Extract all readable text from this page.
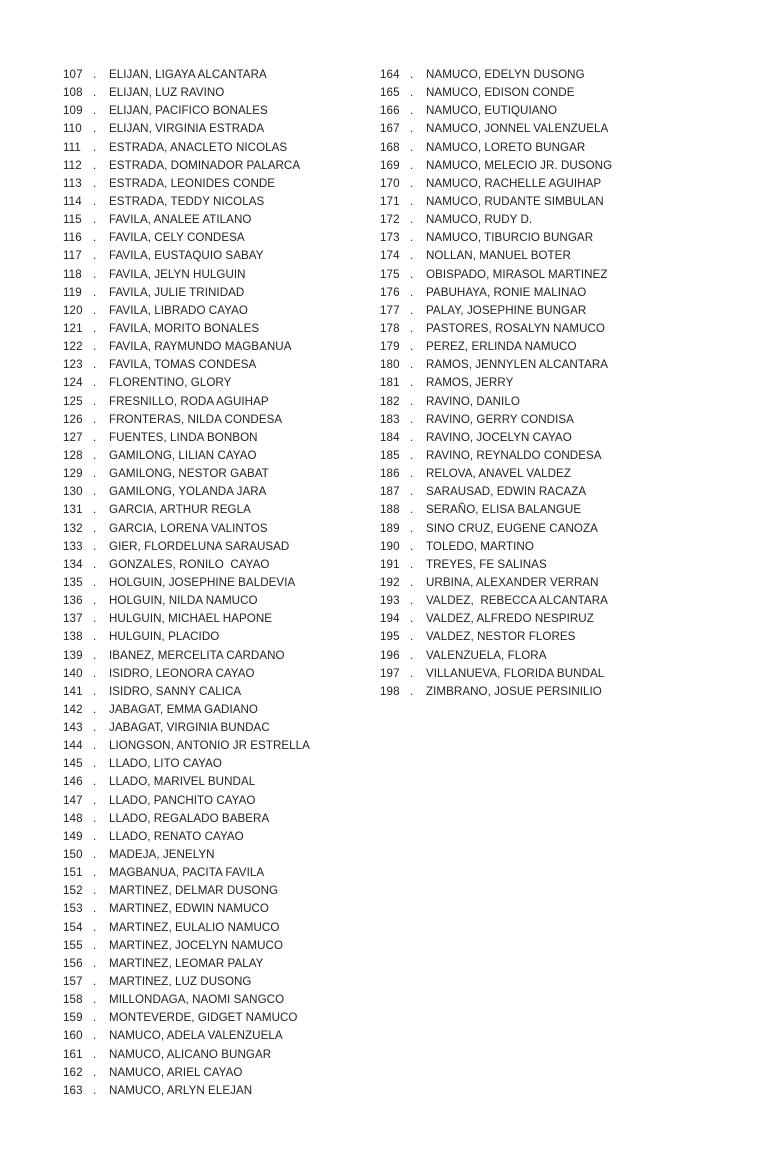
107 .	ELIJAN, LIGAYA ALCANTARA
108 .	ELIJAN, LUZ RAVINO
109 .	ELIJAN, PACIFICO BONALES
110 .	ELIJAN, VIRGINIA ESTRADA
111	.	ESTRADA, ANACLETO NICOLAS
112 .	ESTRADA, DOMINADOR PALARCA
113 .	ESTRADA, LEONIDES CONDE
114 .	ESTRADA, TEDDY NICOLAS
115 .	FAVILA, ANALEE ATILANO
116 .	FAVILA, CELY CONDESA
117 .	FAVILA, EUSTAQUIO SABAY
118 .	FAVILA, JELYN HULGUIN
119 .	FAVILA, JULIE TRINIDAD
120 .	FAVILA, LIBRADO CAYAO
121 .	FAVILA, MORITO BONALES
122 .	FAVILA, RAYMUNDO MAGBANUA
123 .	FAVILA, TOMAS CONDESA
124 .	FLORENTINO, GLORY
125 .	FRESNILLO, RODA AGUIHAP
126 .	FRONTERAS, NILDA CONDESA
127 .	FUENTES, LINDA BONBON
128 .	GAMILONG, LILIAN CAYAO
129 .	GAMILONG, NESTOR GABAT
130 .	GAMILONG, YOLANDA JARA
131 .	GARCIA, ARTHUR REGLA
132 .	GARCIA, LORENA VALINTOS
133 .	GIER, FLORDELUNA SARAUSAD
134 .	GONZALES, RONILO  CAYAO
135 .	HOLGUIN, JOSEPHINE BALDEVIA
136 .	HOLGUIN, NILDA NAMUCO
137 .	HULGUIN, MICHAEL HAPONE
138 .	HULGUIN, PLACIDO
139 .	IBANEZ, MERCELITA CARDANO
140 .	ISIDRO, LEONORA CAYAO
141 .	ISIDRO, SANNY CALICA
142 .	JABAGAT, EMMA GADIANO
143 .	JABAGAT, VIRGINIA BUNDAC
144 .	LIONGSON, ANTONIO JR ESTRELLA
145 .	LLADO, LITO CAYAO
146 .	LLADO, MARIVEL BUNDAL
147 .	LLADO, PANCHITO CAYAO
148 .	LLADO, REGALADO BABERA
149 .	LLADO, RENATO CAYAO
150 .	MADEJA, JENELYN
151 .	MAGBANUA, PACITA FAVILA
152 .	MARTINEZ, DELMAR DUSONG
153 .	MARTINEZ, EDWIN NAMUCO
154 .	MARTINEZ, EULALIO NAMUCO
155 .	MARTINEZ, JOCELYN NAMUCO
156 .	MARTINEZ, LEOMAR PALAY
157 .	MARTINEZ, LUZ DUSONG
158 .	MILLONDAGA, NAOMI SANGCO
159 .	MONTEVERDE, GIDGET NAMUCO
160 .	NAMUCO, ADELA VALENZUELA
161 .	NAMUCO, ALICANO BUNGAR
162 .	NAMUCO, ARIEL CAYAO
163 .	NAMUCO, ARLYN ELEJAN
164 .	NAMUCO, EDELYN DUSONG
165 .	NAMUCO, EDISON CONDE
166 .	NAMUCO, EUTIQUIANO
167 .	NAMUCO, JONNEL VALENZUELA
168 .	NAMUCO, LORETO BUNGAR
169 .	NAMUCO, MELECIO JR. DUSONG
170 .	NAMUCO, RACHELLE AGUIHAP
171 .	NAMUCO, RUDANTE SIMBULAN
172 .	NAMUCO, RUDY D.
173 .	NAMUCO, TIBURCIO BUNGAR
174 .	NOLLAN, MANUEL BOTER
175 .	OBISPADO, MIRASOL MARTINEZ
176 .	PABUHAYA, RONIE MALINAO
177 .	PALAY, JOSEPHINE BUNGAR
178 .	PASTORES, ROSALYN NAMUCO
179 .	PEREZ, ERLINDA NAMUCO
180 .	RAMOS, JENNYLEN ALCANTARA
181 .	RAMOS, JERRY
182 .	RAVINO, DANILO
183 .	RAVINO, GERRY CONDISA
184 .	RAVINO, JOCELYN CAYAO
185 .	RAVINO, REYNALDO CONDESA
186 .	RELOVA, ANAVEL VALDEZ
187 .	SARAUSAD, EDWIN RACAZA
188 .	SERAÑO, ELISA BALANGUE
189 .	SINO CRUZ, EUGENE CANOZA
190 .	TOLEDO, MARTINO
191 .	TREYES, FE SALINAS
192 .	URBINA, ALEXANDER VERRAN
193 .	VALDEZ,  REBECCA ALCANTARA
194 .	VALDEZ, ALFREDO NESPIRUZ
195 .	VALDEZ, NESTOR FLORES
196 .	VALENZUELA, FLORA
197 .	VILLANUEVA, FLORIDA BUNDAL
198 .	ZIMBRANO, JOSUE PERSINILIO
